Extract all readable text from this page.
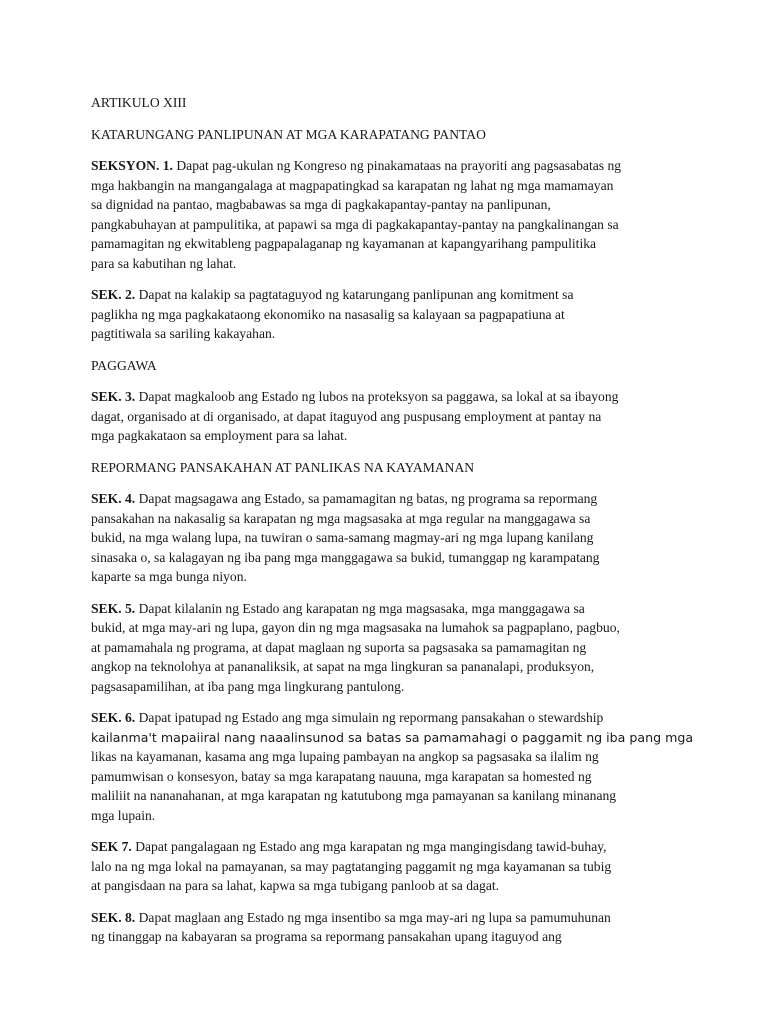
ARTIKULO XIII
KATARUNGANG PANLIPUNAN AT MGA KARAPATANG PANTAO
SEKSYON. 1. Dapat pag-ukulan ng Kongreso ng pinakamataas na prayoriti ang pagsasabatas ng
mga hakbangin na mangangalaga at magpapatingkad sa karapatan ng lahat ng mga mamamayan
sa dignidad na pantao, magbabawas sa mga di pagkakapantay-pantay na panlipunan,
pangkabuhayan at pampulitika, at papawi sa mga di pagkakapantay-pantay na pangkalinangan sa
pamamagitan ng ekwitableng pagpapalaganap ng kayamanan at kapangyarihang pampulitika
para sa kabutihan ng lahat.
SEK. 2. Dapat na kalakip sa pagtataguyod ng katarungang panlipunan ang komitment sa
paglikha ng mga pagkakataong ekonomiko na nasasalig sa kalayaan sa pagpapatiuna at
pagtitiwala sa sariling kakayahan.
PAGGAWA
SEK. 3. Dapat magkaloob ang Estado ng lubos na proteksyon sa paggawa, sa lokal at sa ibayong
dagat, organisado at di organisado, at dapat itaguyod ang puspusang employment at pantay na
mga pagkakataon sa employment para sa lahat.
REPORMANG PANSAKAHAN AT PANLIKAS NA KAYAMANAN
SEK. 4. Dapat magsagawa ang Estado, sa pamamagitan ng batas, ng programa sa repormang
pansakahan na nakasalig sa karapatan ng mga magsasaka at mga regular na manggagawa sa
bukid, na mga walang lupa, na tuwiran o sama-samang magmay-ari ng mga lupang kanilang
sinasaka o, sa kalagayan ng iba pang mga manggagawa sa bukid, tumanggap ng karampatang
kaparte sa mga bunga niyon.
SEK. 5. Dapat kilalanin ng Estado ang karapatan ng mga magsasaka, mga manggagawa sa
bukid, at mga may-ari ng lupa, gayon din ng mga magsasaka na lumahok sa pagpaplano, pagbuo,
at pamamahala ng programa, at dapat maglaan ng suporta sa pagsasaka sa pamamagitan ng
angkop na teknolohya at pananaliksik, at sapat na mga lingkuran sa pananalapi, produksyon,
pagsasapamilihan, at iba pang mga lingkurang pantulong.
SEK. 6. Dapat ipatupad ng Estado ang mga simulain ng repormang pansakahan o stewardship
kailanma't mapaiiral nang naaalinsunod sa batas sa pamamahagi o paggamit ng iba pang mga
likas na kayamanan, kasama ang mga lupaing pambayan na angkop sa pagsasaka sa ilalim ng
pamumwisan o konsesyon, batay sa mga karapatang nauuna, mga karapatan sa homested ng
maliliit na nananahanan, at mga karapatan ng katutubong mga pamayanan sa kanilang minanang
mga lupain.
SEK 7. Dapat pangalagaan ng Estado ang mga karapatan ng mga mangingisdang tawid-buhay,
lalo na ng mga lokal na pamayanan, sa may pagtatanging paggamit ng mga kayamanan sa tubig
at pangisdaan na para sa lahat, kapwa sa mga tubigang panloob at sa dagat.
SEK. 8. Dapat maglaan ang Estado ng mga insentibo sa mga may-ari ng lupa sa pamumuhunan
ng tinanggap na kabayaran sa programa sa repormang pansakahan upang itaguyod ang
